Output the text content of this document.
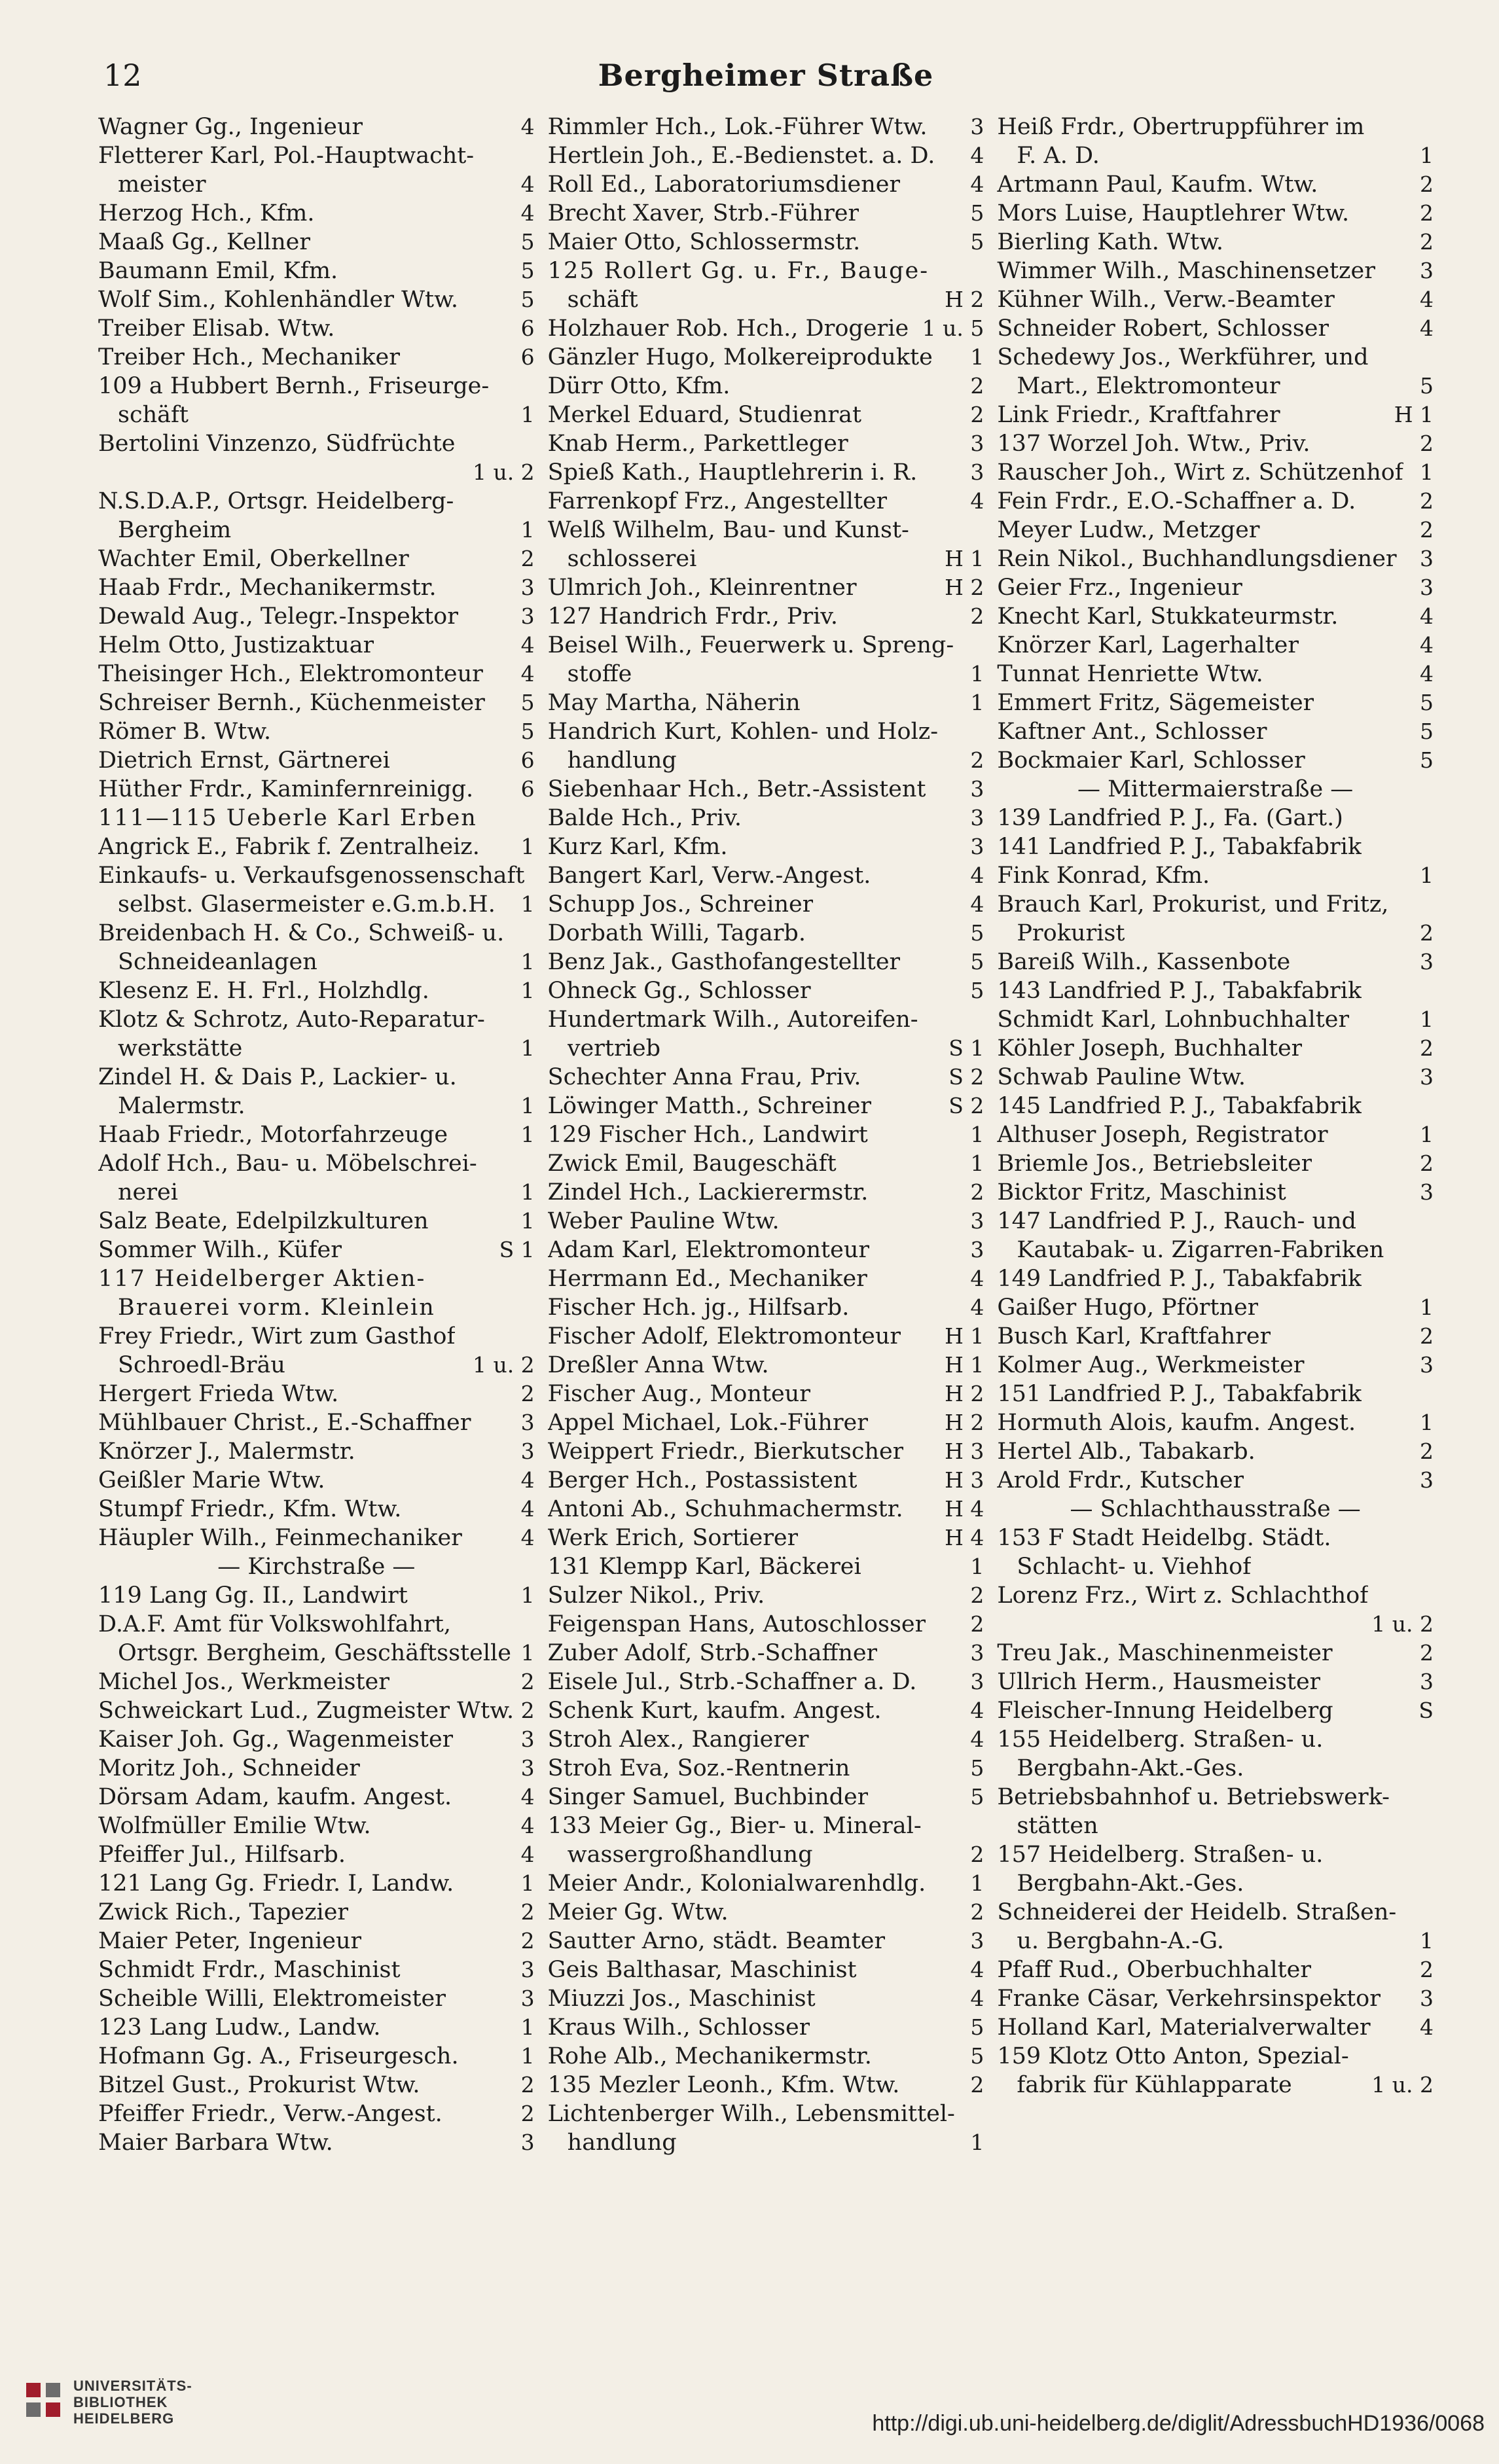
12	Bergheimer Straße
Wagner Gg., Ingenieur	4
Fletterer Karl, Pol.-Hauptwacht-
meister	4
Herzog Hch., Kfm.	4
Maaß Gg., Kellner	5
Baumann Emil, Kfm.	5
Wolf Sim., Kohlenhändler Wtw.	5
Treiber Elisab. Wtw.	6
Treiber Hch., Mechaniker	6
109 a Hubbert Bernh., Friseurge-
schäft	1
Bertolini Vinzenzo, Südfrüchte
1 u. 2
N.S.D.A.P., Ortsgr. Heidelberg-
Bergheim	1
Wachter Emil, Oberkellner	2
Haab Frdr., Mechanikermstr.	3
Dewald Aug., Telegr.-Inspektor	3
Helm Otto, Justizaktuar	4
Theisinger Hch., Elektromonteur 4
Schreiser Bernh., Küchenmeister 5
Römer B. Wtw.	5
Dietrich Ernst, Gärtnerei	6
Hüther Frdr., Kaminfernreinigg. 6
111—115 Ueberle Karl Erben
Angrick E., Fabrik f. Zentralheiz. 1
Einkaufs- u. Verkaufsgenossenschaft
selbst. Glasermeister e.G.m.b.H. 1
Breidenbach H. & Co., Schweiß- u.
Schneideanlagen	1
Klesenz E. H. Frl., Holzhdlg.	1
Klotz & Schrotz, Auto-Reparatur-
werkstätte	1
Zindel H. & Dais P., Lackier- u.
Malermstr.	1
Haab Friedr., Motorfahrzeuge	1
Adolf Hch., Bau- u. Möbelschrei-
nerei	1
Salz Beate, Edelpilzkulturen	1
Sommer Wilh., Küfer	S 1
117 Heidelberger Aktien-
Brauerei vorm. Kleinlein
Frey Friedr., Wirt zum Gasthof
Schroedl-Bräu	1 u. 2
Hergert Frieda Wtw.	2
Mühlbauer Christ., E.-Schaffner 3
Knörzer J., Malermstr.	3
Geißler Marie Wtw.	4
Stumpf Friedr., Kfm. Wtw.	4
Häupler Wilh., Feinmechaniker	4
— Kirchstraße —
119 Lang Gg. II., Landwirt	1
D.A.F. Amt für Volkswohlfahrt,
Ortsgr. Bergheim, Geschäftsstelle 1
Michel Jos., Werkmeister	2
Schweickart Lud., Zugmeister Wtw. 2
Kaiser Joh. Gg., Wagenmeister	3
Moritz Joh., Schneider	3
Dörsam Adam, kaufm. Angest.	4
Wolfmüller Emilie Wtw.	4
Pfeiffer Jul., Hilfsarb.	4
121 Lang Gg. Friedr. I, Landw.	1
Zwick Rich., Tapezier	2
Maier Peter, Ingenieur	2
Schmidt Frdr., Maschinist	3
Scheible Willi, Elektromeister	3
123 Lang Ludw., Landw.	1
Hofmann Gg. A., Friseurgesch.	1
Bitzel Gust., Prokurist Wtw.	2
Pfeiffer Friedr., Verw.-Angest.	2
Maier Barbara Wtw.	3
Rimmler Hch., Lok.-Führer Wtw. 3
Hertlein Joh., E.-Bedienstet. a. D. 4
Roll Ed., Laboratoriumsdiener	4
Brecht Xaver, Strb.-Führer	5
Maier Otto, Schlossermstr.	5
125 Rollert Gg. u. Fr., Bauge-
schäft	H 2
Holzhauer Rob. Hch., Drogerie 1 u. 5
Gänzler Hugo, Molkereiprodukte 1
Dürr Otto, Kfm.	2
Merkel Eduard, Studienrat	2
Knab Herm., Parkettleger	3
Spieß Kath., Hauptlehrerin i. R. 3
Farrenkopf Frz., Angestellter	4
Welß Wilhelm, Bau- und Kunst-
schlosserei	H 1
Ulmrich Joh., Kleinrentner	H 2
127 Handrich Frdr., Priv.	2
Beisel Wilh., Feuerwerk u. Spreng-
stoffe	1
May Martha, Näherin	1
Handrich Kurt, Kohlen- und Holz-
handlung	2
Siebenhaar Hch., Betr.-Assistent 3
Balde Hch., Priv.	3
Kurz Karl, Kfm.	3
Bangert Karl, Verw.-Angest.	4
Schupp Jos., Schreiner	4
Dorbath Willi, Tagarb.	5
Benz Jak., Gasthofangestellter	5
Ohneck Gg., Schlosser	5
Hundertmark Wilh., Autoreifen-
vertrieb	S 1
Schechter Anna Frau, Priv.	S 2
Löwinger Matth., Schreiner	S 2
129 Fischer Hch., Landwirt	1
Zwick Emil, Baugeschäft	1
Zindel Hch., Lackierermstr.	2
Weber Pauline Wtw.	3
Adam Karl, Elektromonteur	3
Herrmann Ed., Mechaniker	4
Fischer Hch. jg., Hilfsarb.	4
Fischer Adolf, Elektromonteur H 1
Dreßler Anna Wtw.	H 1
Fischer Aug., Monteur	H 2
Appel Michael, Lok.-Führer	H 2
Weippert Friedr., Bierkutscher H 3
Berger Hch., Postassistent	H 3
Antoni Ab., Schuhmachermstr. H 4
Werk Erich, Sortierer	H 4
131 Klempp Karl, Bäckerei	1
Sulzer Nikol., Priv.	2
Feigenspan Hans, Autoschlosser 2
Zuber Adolf, Strb.-Schaffner	3
Eisele Jul., Strb.-Schaffner a. D. 3
Schenk Kurt, kaufm. Angest.	4
Stroh Alex., Rangierer	4
Stroh Eva, Soz.-Rentnerin	5
Singer Samuel, Buchbinder	5
133 Meier Gg., Bier- u. Mineral-
wassergroßhandlung	2
Meier Andr., Kolonialwarenhdlg. 1
Meier Gg. Wtw.	2
Sautter Arno, städt. Beamter	3
Geis Balthasar, Maschinist	4
Miuzzi Jos., Maschinist	4
Kraus Wilh., Schlosser	5
Rohe Alb., Mechanikermstr.	5
135 Mezler Leonh., Kfm. Wtw.	2
Lichtenberger Wilh., Lebensmittel-
handlung	1
Heiß Frdr., Obertruppführer im
F. A. D.	1
Artmann Paul, Kaufm. Wtw.	2
Mors Luise, Hauptlehrer Wtw.	2
Bierling Kath. Wtw.	2
Wimmer Wilh., Maschinensetzer 3
Kühner Wilh., Verw.-Beamter	4
Schneider Robert, Schlosser	4
Schedewy Jos., Werkführer, und
Mart., Elektromonteur	5
Link Friedr., Kraftfahrer	H 1
137 Worzel Joh. Wtw., Priv.	2
Rauscher Joh., Wirt z. Schützenhof 1
Fein Frdr., E.O.-Schaffner a. D.	2
Meyer Ludw., Metzger	2
Rein Nikol., Buchhandlungsdiener 3
Geier Frz., Ingenieur	3
Knecht Karl, Stukkateurmstr.	4
Knörzer Karl, Lagerhalter	4
Tunnat Henriette Wtw.	4
Emmert Fritz, Sägemeister	5
Kaftner Ant., Schlosser	5
Bockmaier Karl, Schlosser	5
— Mittermaierstraße —
139 Landfried P. J., Fa. (Gart.)
141 Landfried P. J., Tabakfabrik
Fink Konrad, Kfm.	1
Brauch Karl, Prokurist, und Fritz,
Prokurist	2
Bareiß Wilh., Kassenbote	3
143 Landfried P. J., Tabakfabrik
Schmidt Karl, Lohnbuchhalter	1
Köhler Joseph, Buchhalter	2
Schwab Pauline Wtw.	3
145 Landfried P. J., Tabakfabrik
Althuser Joseph, Registrator	1
Briemle Jos., Betriebsleiter	2
Bicktor Fritz, Maschinist	3
147 Landfried P. J., Rauch- und
Kautabak- u. Zigarren-Fabriken
149 Landfried P. J., Tabakfabrik
Gaißer Hugo, Pförtner	1
Busch Karl, Kraftfahrer	2
Kolmer Aug., Werkmeister	3
151 Landfried P. J., Tabakfabrik
Hormuth Alois, kaufm. Angest.	1
Hertel Alb., Tabakarb.	2
Arold Frdr., Kutscher	3
— Schlachthausstraße —
153 F Stadt Heidelbg. Städt.
Schlacht- u. Viehhof
Lorenz Frz., Wirt z. Schlachthof
1 u. 2
Treu Jak., Maschinenmeister	2
Ullrich Herm., Hausmeister	3
Fleischer-Innung Heidelberg	S
155 Heidelberg. Straßen- u.
Bergbahn-Akt.-Ges.
Betriebsbahnhof u. Betriebswerk-
stätten
157 Heidelberg. Straßen- u.
Bergbahn-Akt.-Ges.
Schneiderei der Heidelb. Straßen-
u. Bergbahn-A.-G.	1
Pfaff Rud., Oberbuchhalter	2
Franke Cäsar, Verkehrsinspektor 3
Holland Karl, Materialverwalter 4
159 Klotz Otto Anton, Spezial-
fabrik für Kühlapparate	1 u. 2
UNIVERSITÄTS-
BIBLIOTHEK
HEIDELBERG	http://digi.ub.uni-heidelberg.de/diglit/AdressbuchHD1936/0068
